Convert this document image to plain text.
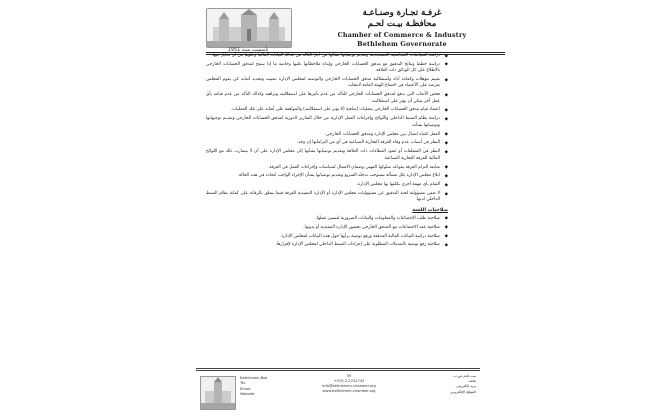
تأسست سنة 1951
غرفـة تجـارة وصنـاعـة
محافظـة بيـت لحـم
Chamber of Commerce & Industry
Bethlehem Governorate
◆
دراسة السياسات المحاسبية المستخدمة وتقديم توصياتها بشأنها من أجل التأكد من عدالة البيانات المالية وخلوها من أي تحايل فيها.
◆
دراسة خطط ونتائج التدقيق مع مدقق الحسابات الخارجي وإبداء ملاحظاتها عليها وخاصة ما إذا سمح لمدقق الحسابات الخارجي بالاطلاع على كل الوثائق ذات العلاقة.
◆
تقييم مؤهلات وكفاءة أداء واستقلالية مدقق الحسابات الخارجي والتوصية لمجلس الإدارة بتعيينه وتحديد أتعابه كي يقوم المجلس بعرضه على الأعضاء في اجتماع الهيئة العامة لانتخابه.
◆
فحص الأتعاب التي تدفع لمدقق الحسابات الخارجي للتأكد من عدم تأثيرها على استقلاليته ونزاهته وكذلك التأكد من عدم قيامه بأي عمل آخر يمكن أن يؤثر على استقلاليته.
◆
اعتماد قيام مدقق الحسابات الخارجي بعمليات إضافية (لا تؤثر على استقلاليته) والموافقة على أتعابه على تلك العمليات.
◆
دراسة نظام الضبط الداخلي واللوائح وإجراءات العمل الإدارية من خلال التقارير الدورية لمدقق الحسابات الخارجي وتقديم توجيهاتها وتوصياتها بشأنه.
◆
العمل كقناة اتصال بين مجلس الإدارة ومدقق الحسابات الخارجي.
◆
النظر في أسباب عدم وفاء الغرفة التجارية الصناعية في أي من التزاماتها إن وجد.
◆
النظر في المتعلقات أو عقود العطاءات ذات العلاقة وتقديم توصياتها بشأنها إلى مجلس الإدارة على أن لا يتضارب ذلك مع اللوائح المالية للغرفة التجارية الصناعية.
◆
متابعة التزام الغرفة بقواعد سلوكها المهني وضمان الامتثال لسياسات وإجراءات العمل في الغرفة.
◆
ابلاغ مجلس الإدارة بكل مسألة تستوجب تدخله السريع وتقديم توصياتها بشأن الإجراء الواجب اتخاذه في هذه الحالة.
◆
القيام بأي مهمة أخرى يكلفها بها مجلس الإدارة.
◆
لا تعفي مسؤولية لجنة التدقيق عن مسؤوليات مجلس الإدارة أو الإدارة التنفيذية للغرفة فيما يتعلق بالرقابة على كفاية نظام الضبط الداخلي لديها.
صلاحيات اللجنة
◆
صلاحية طلب الإحصائيات والمعلومات والبيانات الضرورية لتسيير عملها.
◆
صلاحية عقد الاجتماعات مع المدقق الخارجي بحضور الإدارة التنفيذية أو بدونها.
◆
صلاحية دراسة البيانات المالية المدققة ورفع توصية برأيها حول هذه البيانات لمجلس الإدارة.
◆
صلاحية رفع توصية بالتعديلات المطلوبة على إجراءات الضبط الداخلي لمجلس الإدارة لإقرارها.
Bethlehem-Box
Tel.
Email:
Website
59
+970-2-2742742
info@bethlehem-chamber.org
www.bethlehem-chamber.org
بيت لحم-ص.ب
هاتف
بريد إلكتروني
الموقع الإلكتروني
